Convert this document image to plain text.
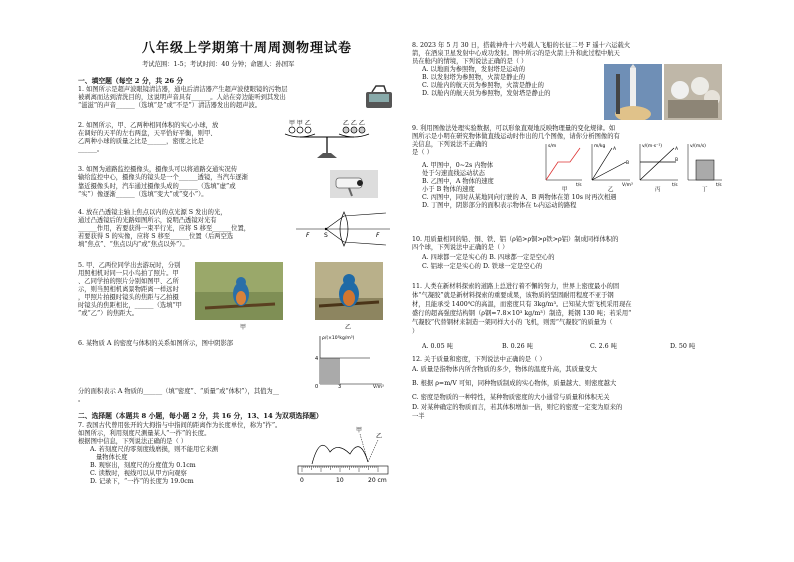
八年级上学期第十周周测物理试卷
考试范围：1-5；考试时间：40 分钟；命题人：孙国军
一、填空题（每空 2 分，共 26 分
1. 如图所示是超声波眼镜清洁器，通电后清洁器产生超声波使眼镜的污物层
被剥离而达到清洗目的，这说明声音具有______。人站在旁边能听到其发出
“滋滋”的声音______（选填“是”或“不是”）清洁器发出的超声波。
2. 如图所示，甲、乙两种相同体积的实心小球，放
在调好的天平的左右两盘，天平恰好平衡，则甲、
乙两种小球的质量之比是______，密度之比是
______。
甲 甲 乙	乙 乙 乙
3. 如图为道路监控摄像头，摄像头可以将道路交通实况传
输给监控中心，摄像头的镜头是一个______透镜，当汽车逐渐
靠近摄像头时，汽车通过摄像头成的______（选填“虚”或
“实”）像逐渐______（选填“变大”或“变小”）。
4. 放在凸透镜主轴上焦点以内的点光源 S 发出的光，
通过凸透镜后的光路如图所示，说明凸透镜对光有
______作用，若要获得一束平行光，应将 S 移至______位置，
若要获得 S 的实像，应将 S 移至______位置（后两空选
填“焦点”、“焦点以内”或“焦点以外”）。
F S	F
5. 甲、乙两位同学出去游玩时，分别
用照相机对同一只小鸟拍了照片。甲
、乙同学拍的照片分别如图甲、乙所
示，则当照相机离景物距离一样远时
，甲照片拍摄时镜头的焦距与乙拍摄
时镜头的焦距相比，______（选填“甲
”或“乙”）的焦距大。
甲	乙
6. 某物质 A 的密度与体积的关系如图所示，图中阴影部
分的面积表示 A 物质的______（填“密度”、“质量”或“体积”），其值为__
。
ρ/(×10³kg/m³)
V/m³
4
3
0
二、选择题（本题共 8 小题，每小题 2 分，共 16 分，13、14 为双项选择题）
7. 我国古代曾用张开的大拇指与中指间的距离作为长度单位，称为“拃”。
如图所示，利用刻度尺测量某人“一拃”的长度。
根据图中信息，下列说法正确的是（ ）
A. 若刻度尺的零刻度线磨损，则不能用它来测
量物体长度
B. 观察出，刻度尺的分度值为 0.1cm
C. 读数时，视线可以从甲方向观察
D. 记录下，“一拃”的长度为 19.0cm	0	10	20 cm
甲
乙
8. 2023 年 5 月 30 日，搭载神舟十六号载人飞船的长征二号 F 遥十六运载火
箭，在酒泉卫星发射中心成功发射。图中所示的是火箭上升和此过程中航天
员在舱内的情境，下列说法正确的是（ ）
A. 以地面为参照物，发射塔是运动的
B. 以发射塔为参照物，火箭是静止的
C. 以舱内的航天员为参照物，火箭是静止的
D. 以舱内的航天员为参照物，发射塔是静止的
9. 利用图像法处理实验数据，可以形象直观地反映物理量的变化规律。如
图所示是小明在研究物体做直线运动时作出的几个图像，请你分析图像的有
关信息，下列说法不正确的
是（ ）
A. 甲图中，0~2s 内物体
处于匀速直线运动状态
B. 乙图中，A 物体的速度
小于 B 物体的速度
C. 丙图中，同时从某地同向行驶的 A、B 两物体在第 10s 时再次相遇
D. 丁图中，阴影部分的面积表示物体在 t₀内运动的路程
s/m
t/s
甲
m/kg
V/m³
A
B
乙
v/(m·s⁻¹)
t/s
A
B
丙
v/(m/s)
t/s
丁
10. 用质量相同的铅、铜、铁、铝（ρ铅>ρ铜>ρ铁>ρ铝）制成同样体积的
四个球，下列说法中正确的是（ ）
A. 四球都一定是实心的 B. 四球都一定是空心的
C. 铝球一定是实心的 D. 铁球一定是空心的
11. 人类在新材料探索的道路上总进行着不懈的努力，世界上密度最小的固
体“气凝胶”就是新材料探索的重要成果，该物质的坚固耐用程度不亚于钢
材，且能承受 1400℃的高温，而密度只有 3kg/m³。已知某大型飞机采用现在
盛行的超高强度结构钢（ρ钢=7.8×10³ kg/m³）制造，耗钢 130 吨；若采用“
气凝胶”代替钢材来制造一架同样大小的 飞机，则需“气凝胶”的质量为（
）
A. 0.05 吨	B. 0.26 吨	C. 2.6 吨	D. 50 吨
12. 关于质量和密度，下列说法中正确的是（ ）
A. 质量是指物体内所含物质的多少，物体的温度升高，其质量变大
B. 根据 ρ=m/V 可知，同种物质制成的实心物体，质量越大、则密度越大
C. 密度是物质的一种特性，某种物质密度的大小通常与质量和体积无关
D. 对某种确定的物质而言，若其体积增加一倍，则它的密度一定变为原来的
一半
